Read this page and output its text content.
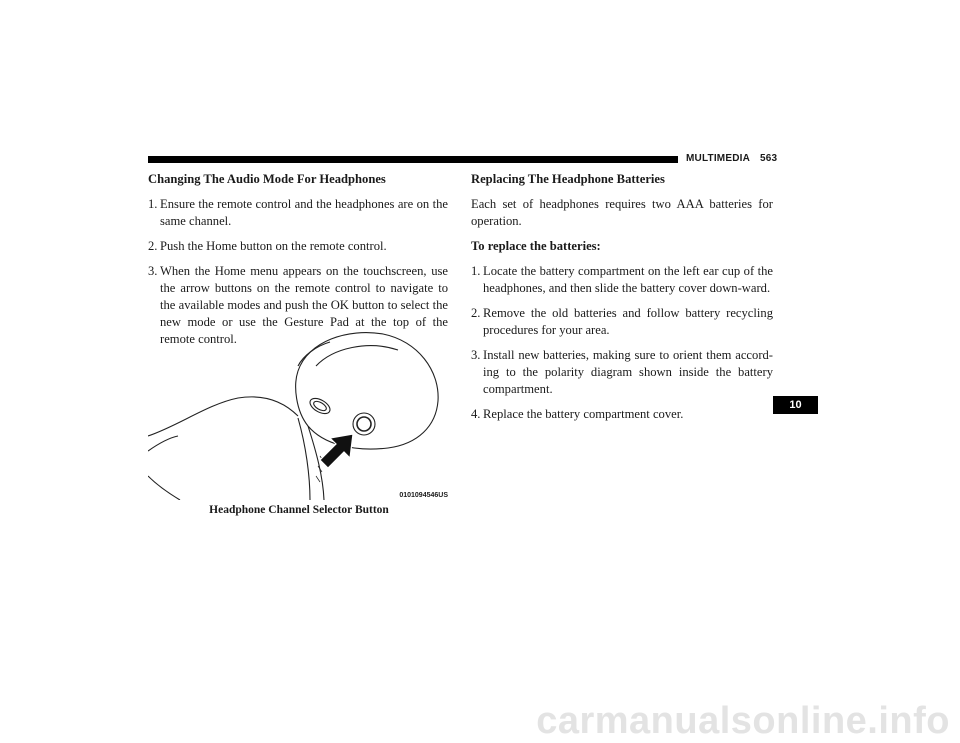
MULTIMEDIA 563
Changing The Audio Mode For Headphones
1. Ensure the remote control and the headphones are on the same channel.
2. Push the Home button on the remote control.
3. When the Home menu appears on the touchscreen, use the arrow buttons on the remote control to navigate to the available modes and push the OK button to select the new mode or use the Gesture Pad at the top of the remote control.
0101094546US
Headphone Channel Selector Button
Replacing The Headphone Batteries

Each set of headphones requires two AAA batteries for operation.

To replace the batteries:

1. Locate the battery compartment on the left ear cup of the headphones, and then slide the battery cover down-ward.
2. Remove the old batteries and follow battery recycling procedures for your area.
3. Install new batteries, making sure to orient them accord-ing to the polarity diagram shown inside the battery compartment.
4. Replace the battery compartment cover.
10
carmanualsonline.info
